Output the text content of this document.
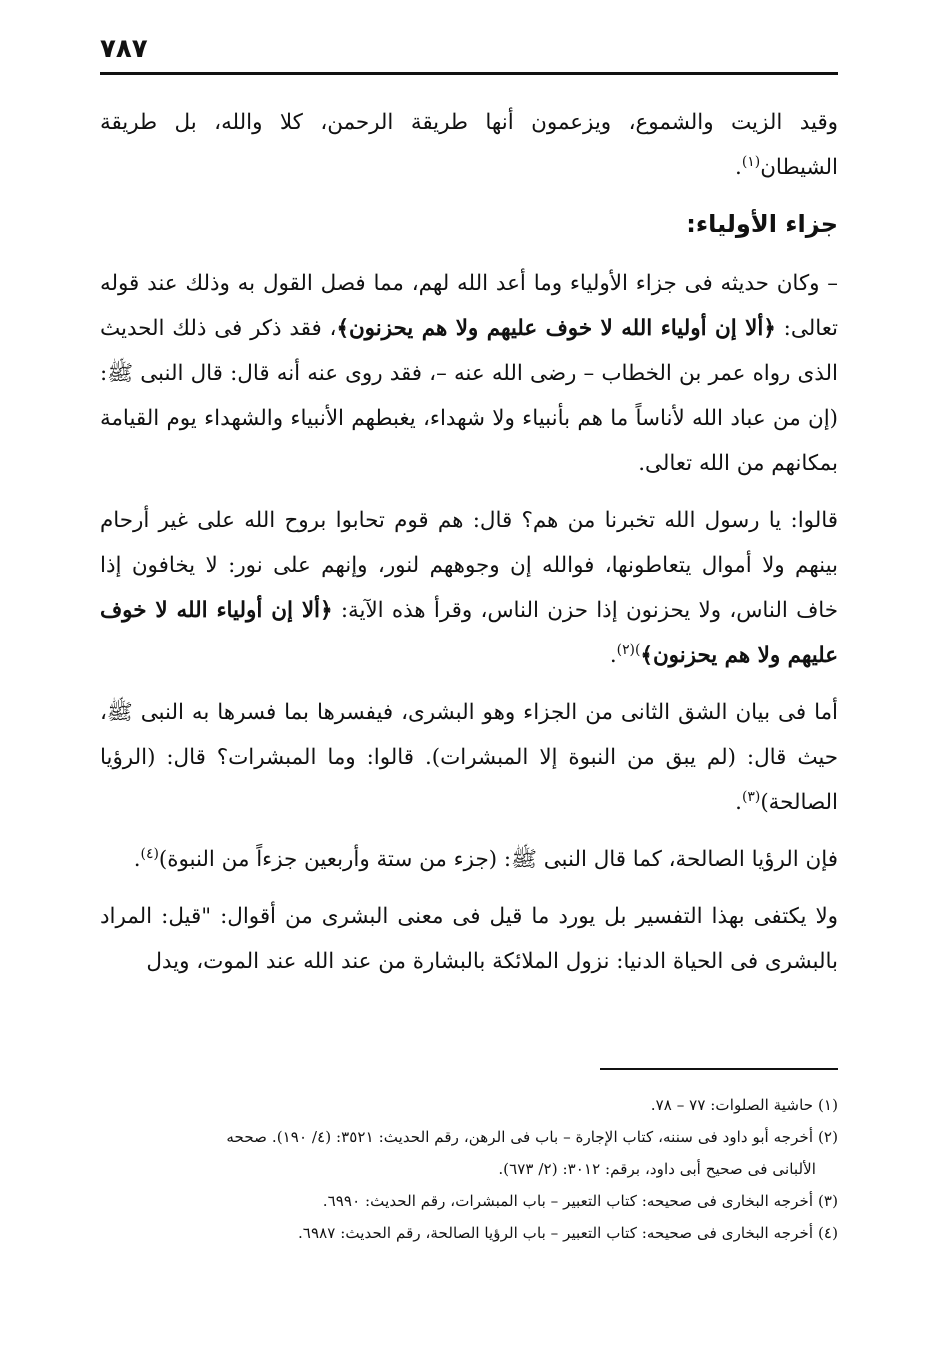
٧٨٧

وقيد الزيت والشموع، ويزعمون أنها طريقة الرحمن، كلا والله، بل طريقة الشيطان$^{(١)}$.

جزاء الأولياء:

– وكان حديثه فى جزاء الأولياء وما أعد الله لهم، مما فصل القول به وذلك عند قوله تعالى: ﴿ألا إن أولياء الله لا خوف عليهم ولا هم يحزنون﴾، فقد ذكر فى ذلك الحديث الذى رواه عمر بن الخطاب – رضى الله عنه –، فقد روى عنه أنه قال: قال النبى ﷺ: (إن من عباد الله لأناساً ما هم بأنبياء ولا شهداء، يغبطهم الأنبياء والشهداء يوم القيامة بمكانهم من الله تعالى.

قالوا: يا رسول الله تخبرنا من هم؟ قال: هم قوم تحابوا بروح الله على غير أرحام بينهم ولا أموال يتعاطونها، فوالله إن وجوههم لنور، وإنهم على نور: لا يخافون إذا خاف الناس، ولا يحزنون إذا حزن الناس، وقرأ هذه الآية: ﴿ألا إن أولياء الله لا خوف عليهم ولا هم يحزنون﴾$^{)(٢)}$.

أما فى بيان الشق الثانى من الجزاء وهو البشرى، فيفسرها بما فسرها به النبى ﷺ، حيث قال: (لم يبق من النبوة إلا المبشرات). قالوا: وما المبشرات؟ قال: (الرؤيا الصالحة)$^{(٣)}$.

فإن الرؤيا الصالحة، كما قال النبى ﷺ: (جزء من ستة وأربعين جزءاً من النبوة)$^{(٤)}$.

ولا يكتفى بهذا التفسير بل يورد ما قيل فى معنى البشرى من أقوال: "قيل: المراد بالبشرى فى الحياة الدنيا: نزول الملائكة بالبشارة من عند الله عند الموت، ويدل

(١) حاشية الصلوات: ٧٧ – ٧٨.

(٢) أخرجه أبو داود فى سننه، كتاب الإجارة – باب فى الرهن، رقم الحديث: ٣٥٢١: (٤/ ١٩٠). صححه

الألبانى فى صحيح أبى داود، برقم: ٣٠١٢: (٢/ ٦٧٣).

(٣) أخرجه البخارى فى صحيحه: كتاب التعبير – باب المبشرات، رقم الحديث: ٦٩٩٠.

(٤) أخرجه البخارى فى صحيحه: كتاب التعبير – باب الرؤيا الصالحة، رقم الحديث: ٦٩٨٧.
